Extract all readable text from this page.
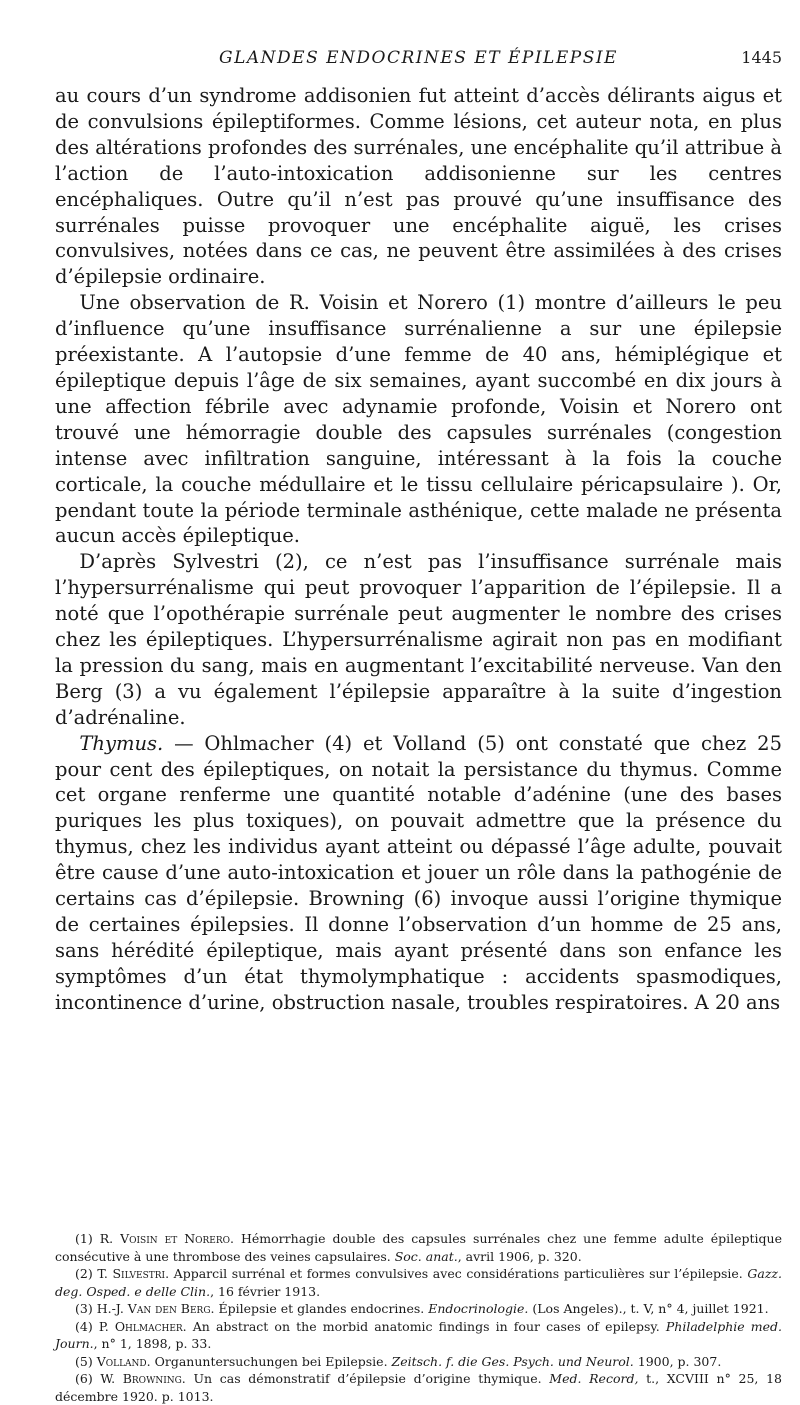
GLANDES ENDOCRINES ET ÉPILEPSIE	1445

au cours d’un syndrome addisonien fut atteint d’accès délirants aigus et de convulsions épileptiformes. Comme lésions, cet auteur nota, en plus des altérations profondes des surrénales, une encéphalite qu’il attribue à l’action de l’auto-intoxication addisonienne sur les centres encéphaliques. Outre qu’il n’est pas prouvé qu’une insuffisance des surrénales puisse provoquer une encéphalite aiguë, les crises convulsives, notées dans ce cas, ne peuvent être assimilées à des crises d’épilepsie ordinaire.

Une observation de R. Voisin et Norero (1) montre d’ailleurs le peu d’influence qu’une insuffisance surrénalienne a sur une épilepsie préexistante. A l’autopsie d’une femme de 40 ans, hémiplégique et épileptique depuis l’âge de six semaines, ayant succombé en dix jours à une affection fébrile avec adynamie profonde, Voisin et Norero ont trouvé une hémorragie double des capsules surrénales (congestion intense avec infiltration sanguine, intéressant à la fois la couche corticale, la couche médullaire et le tissu cellulaire péricapsulaire ). Or, pendant toute la période terminale asthénique, cette malade ne présenta aucun accès épileptique.

D’après Sylvestri (2), ce n’est pas l’insuffisance surrénale mais l’hypersurrénalisme qui peut provoquer l’apparition de l’épilepsie. Il a noté que l’opothérapie surrénale peut augmenter le nombre des crises chez les épileptiques. L’hypersurrénalisme agirait non pas en modifiant la pression du sang, mais en augmentant l’excitabilité nerveuse. Van den Berg (3) a vu également l’épilepsie apparaître à la suite d’ingestion d’adrénaline.

Thymus. — Ohlmacher (4) et Volland (5) ont constaté que chez 25 pour cent des épileptiques, on notait la persistance du thymus. Comme cet organe renferme une quantité notable d’adénine (une des bases puriques les plus toxiques), on pouvait admettre que la présence du thymus, chez les individus ayant atteint ou dépassé l’âge adulte, pouvait être cause d’une auto-intoxication et jouer un rôle dans la pathogénie de certains cas d’épilepsie. Browning (6) invoque aussi l’origine thymique de certaines épilepsies. Il donne l’observation d’un homme de 25 ans, sans hérédité épileptique, mais ayant présenté dans son enfance les symptômes d’un état thymolymphatique : accidents spasmodiques, incontinence d’urine, obstruction nasale, troubles respiratoires. A 20 ans

(1) R. Voisin et Norero. Hémorrhagie double des capsules surrénales chez une femme adulte épileptique consécutive à une thrombose des veines capsulaires. Soc. anat., avril 1906, p. 320.

(2) T. Silvestri. Apparcil surrénal et formes convulsives avec considérations particulières sur l’épilepsie. Gazz. deg. Osped. e delle Clin., 16 février 1913.

(3) H.-J. Van den Berg. Épilepsie et glandes endocrines. Endocrinologie. (Los Angeles)., t. V, n° 4, juillet 1921.

(4) P. Ohlmacher. An abstract on the morbid anatomic findings in four cases of epilepsy. Philadelphie med. Journ., n° 1, 1898, p. 33.

(5) Volland. Organuntersuchungen bei Epilepsie. Zeitsch. f. die Ges. Psych. und Neurol. 1900, p. 307.

(6) W. Browning. Un cas démonstratif d’épilepsie d’origine thymique. Med. Record, t., XCVIII n° 25, 18 décembre 1920. p. 1013.
